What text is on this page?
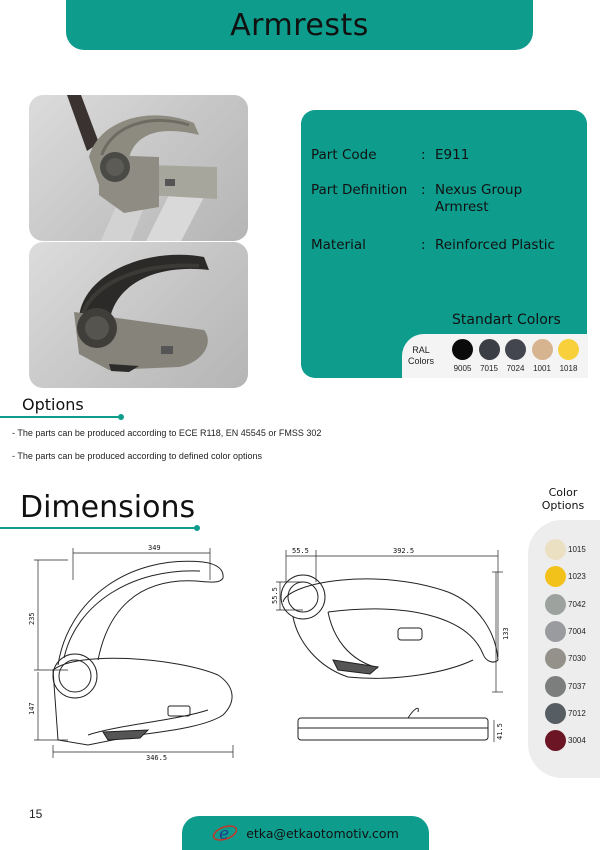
Armrests
Part Code	: E911
Part Definition	: Nexus Group
Armrest
Material	: Reinforced Plastic
Standart Colors
RAL
Colors
9005	7015	7024	1001	1018
Options
- The parts can be produced according to ECE R118, EN 45545 or FMSS 302
- The parts can be produced according to defined color options
Dimensions
349
235
147
346.5
55.5	392.5
55.5
133
41.5
Color
Options
1015
1023
7042
7004
7030
7037
7012
3004
15
e etka@etkaotomotiv.com
